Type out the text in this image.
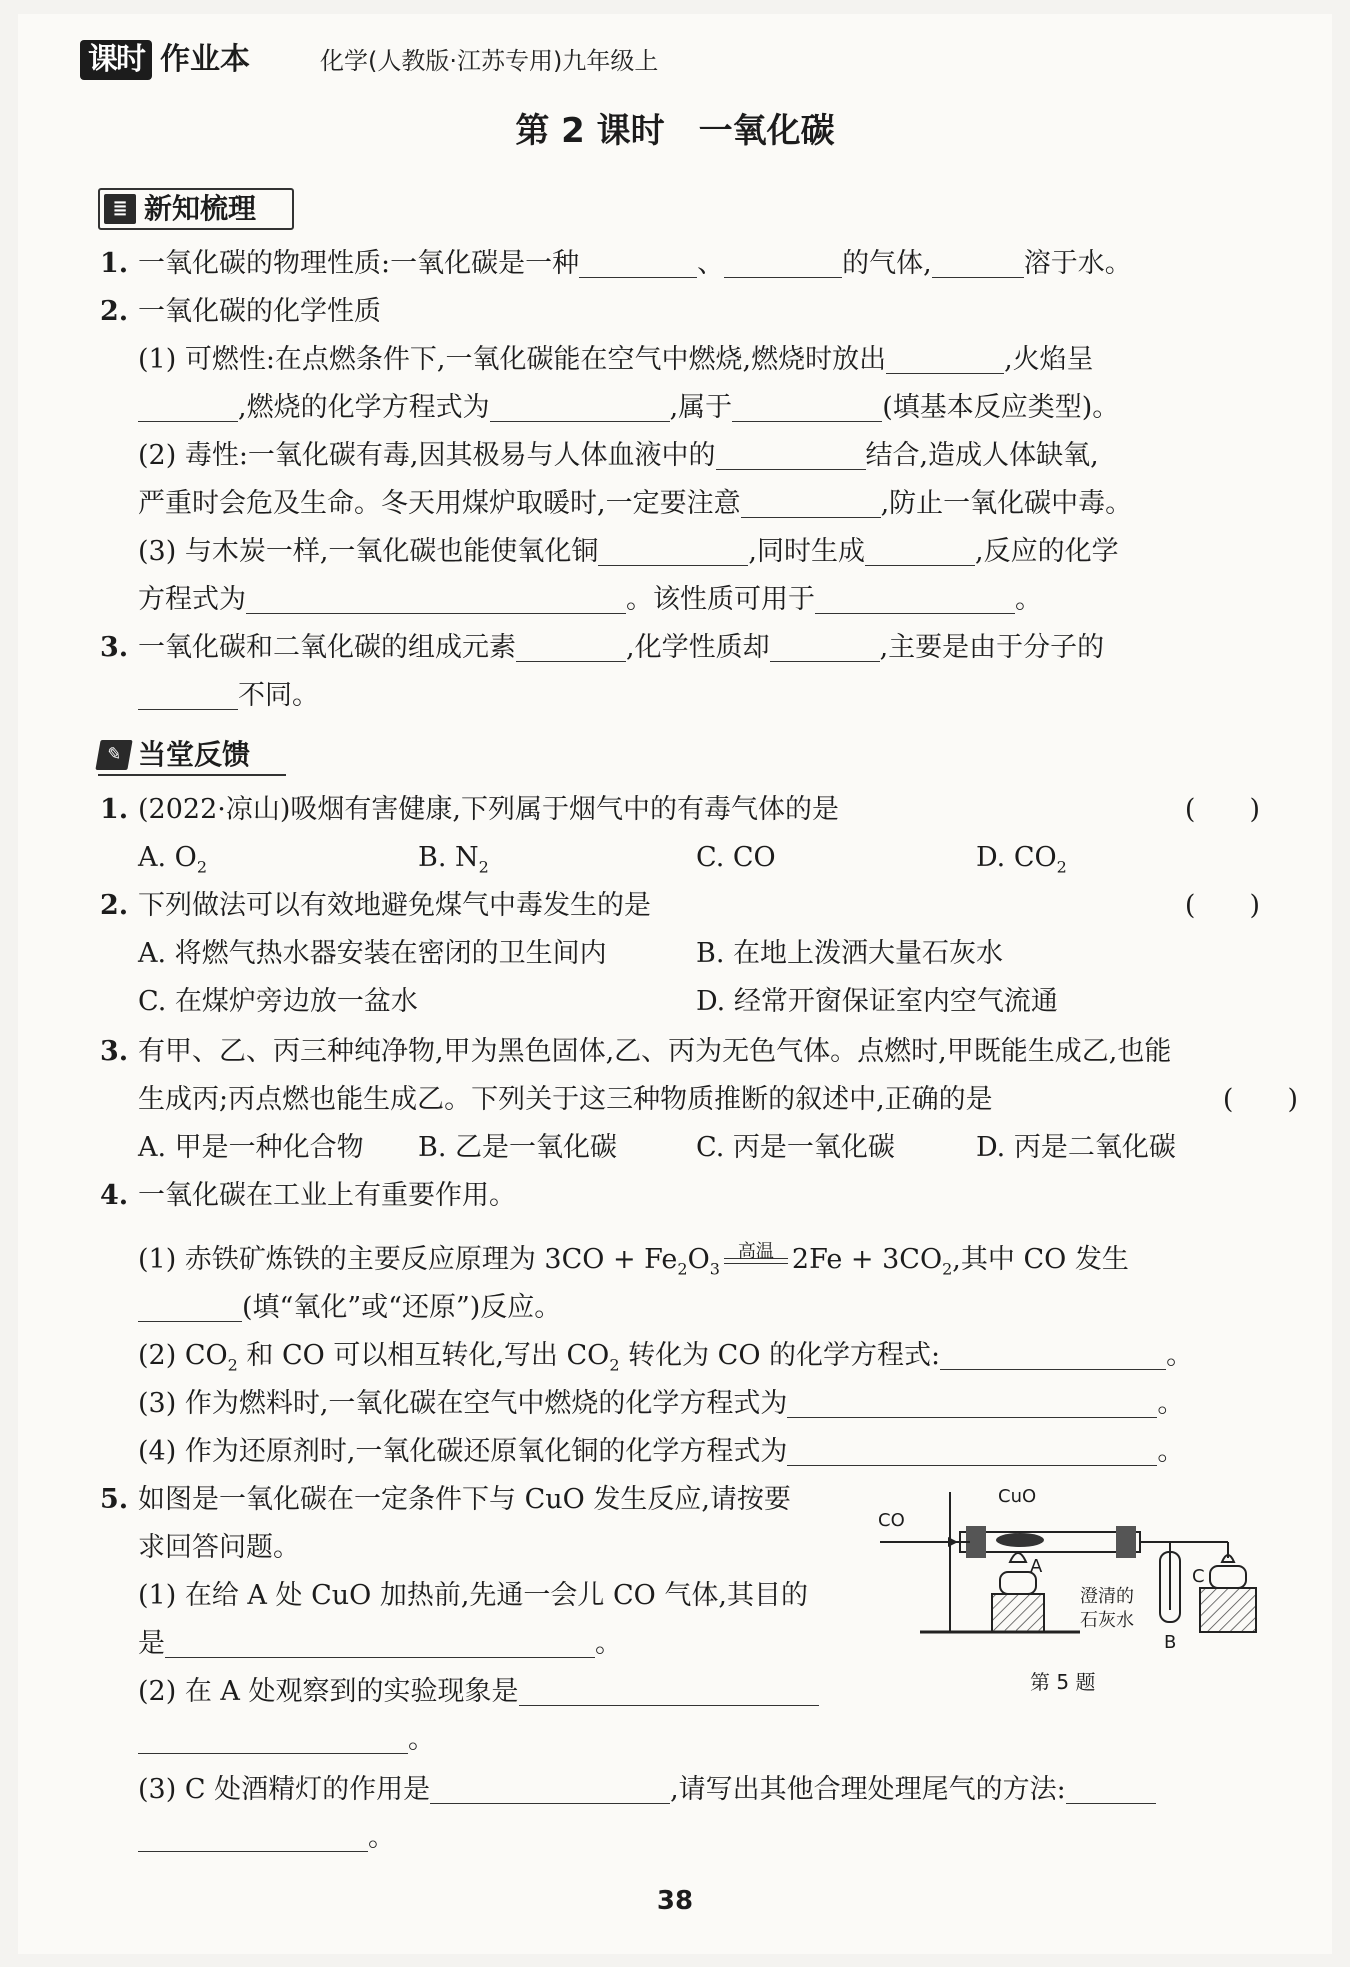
课时 作业本	化学(人教版·江苏专用)九年级上
第 2 课时　一氧化碳
≣ 新知梳理
1. 一氧化碳的物理性质:一氧化碳是一种	、	的气体,	溶于水。
2. 一氧化碳的化学性质
(1) 可燃性:在点燃条件下,一氧化碳能在空气中燃烧,燃烧时放出	,火焰呈
,燃烧的化学方程式为	,属于	(填基本反应类型)。
(2) 毒性:一氧化碳有毒,因其极易与人体血液中的	结合,造成人体缺氧,
严重时会危及生命。冬天用煤炉取暖时,一定要注意	,防止一氧化碳中毒。
(3) 与木炭一样,一氧化碳也能使氧化铜	,同时生成	,反应的化学
方程式为	。该性质可用于	。
3. 一氧化碳和二氧化碳的组成元素	,化学性质却	,主要是由于分子的
不同。
✎ 当堂反馈
1. (2022·凉山)吸烟有害健康,下列属于烟气中的有毒气体的是	(　　)
A. $O_2$	B. $N_2$	C. CO	D. $CO_2$
2. 下列做法可以有效地避免煤气中毒发生的是	(　　)
A. 将燃气热水器安装在密闭的卫生间内	B. 在地上泼洒大量石灰水
C. 在煤炉旁边放一盆水	D. 经常开窗保证室内空气流通
3. 有甲、乙、丙三种纯净物,甲为黑色固体,乙、丙为无色气体。点燃时,甲既能生成乙,也能
生成丙;丙点燃也能生成乙。下列关于这三种物质推断的叙述中,正确的是	(　　)
A. 甲是一种化合物 B. 乙是一氧化碳	C. 丙是一氧化碳	D. 丙是二氧化碳
4. 一氧化碳在工业上有重要作用。
(1) 赤铁矿炼铁的主要反应原理为 $3CO + Fe_2O_3$
高温 $2Fe + 3CO_2$,其中 CO 发生
(填“氧化”或“还原”)反应。
(2) $CO_2$ 和 CO 可以相互转化,写出 $CO_2$ 转化为 CO 的化学方程式:	。
(3) 作为燃料时,一氧化碳在空气中燃烧的化学方程式为	。
(4) 作为还原剂时,一氧化碳还原氧化铜的化学方程式为	。
5. 如图是一氧化碳在一定条件下与 CuO 发生反应,请按要
求回答问题。
(1) 在给 A 处 CuO 加热前,先通一会儿 CO 气体,其目的
是	。
(2) 在 A 处观察到的实验现象是
。
(3) C 处酒精灯的作用是	,请写出其他合理处理尾气的方法:
。
CO
CuO
A
B
C
澄清的
石灰水
第 5 题
38
